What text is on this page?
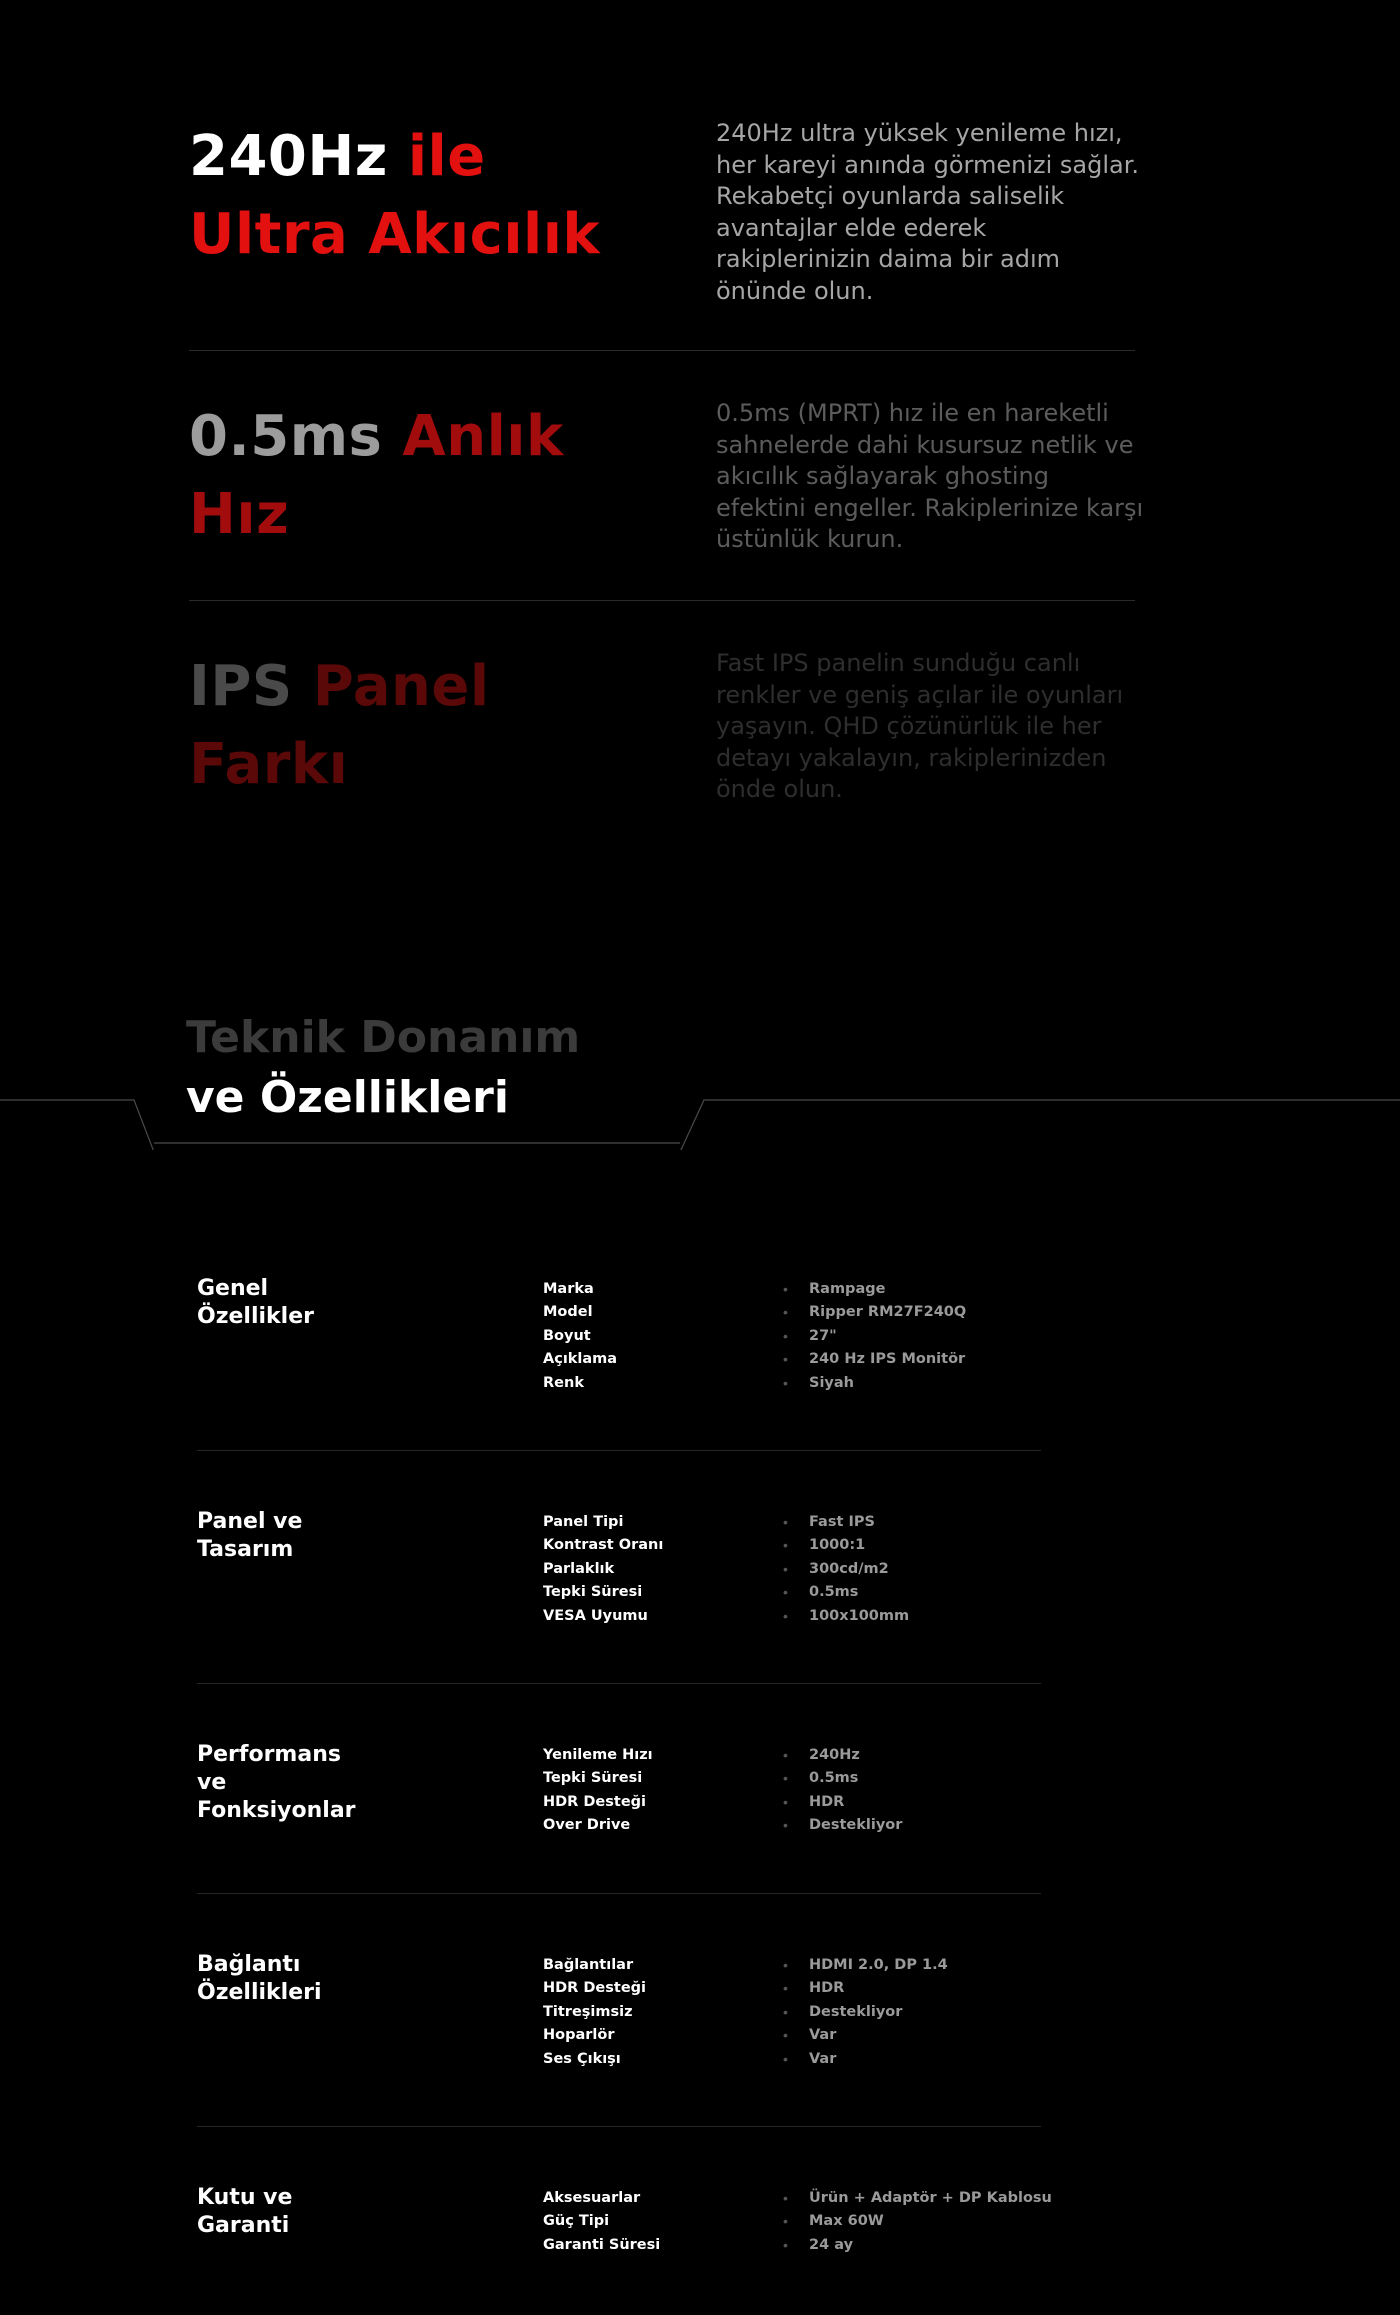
240Hz ile
Ultra Akıcılık
240Hz ultra yüksek yenileme hızı, her kareyi anında görmenizi sağlar. Rekabetçi oyunlarda saliselik avantajlar elde ederek rakiplerinizin daima bir adım önünde olun.
0.5ms Anlık
Hız
0.5ms (MPRT) hız ile en hareketli sahnelerde dahi kusursuz netlik ve akıcılık sağlayarak ghosting efektini engeller. Rakiplerinize karşı üstünlük kurun.
IPS Panel
Farkı
Fast IPS panelin sunduğu canlı renkler ve geniş açılar ile oyunları yaşayın. QHD çözünürlük ile her detayı yakalayın, rakiplerinizden önde olun.
Teknik Donanım
ve Özellikleri
Genel Özellikler
Marka	• Rampage
Model	• Ripper RM27F240Q
Boyut	• 27"
Açıklama	• 240 Hz IPS Monitör
Renk	• Siyah
Panel ve Tasarım
Panel Tipi	• Fast IPS
Kontrast Oranı	• 1000:1
Parlaklık	• 300cd/m2
Tepki Süresi	• 0.5ms
VESA Uyumu	• 100x100mm
Performans ve Fonksiyonlar
Yenileme Hızı	• 240Hz
Tepki Süresi	• 0.5ms
HDR Desteği	• HDR
Over Drive	• Destekliyor
Bağlantı Özellikleri
Bağlantılar	• HDMI 2.0, DP 1.4
HDR Desteği	• HDR
Titreşimsiz	• Destekliyor
Hoparlör	• Var
Ses Çıkışı	• Var
Kutu ve Garanti
Aksesuarlar	• Ürün + Adaptör + DP Kablosu
Güç Tipi	• Max 60W
Garanti Süresi	• 24 ay
